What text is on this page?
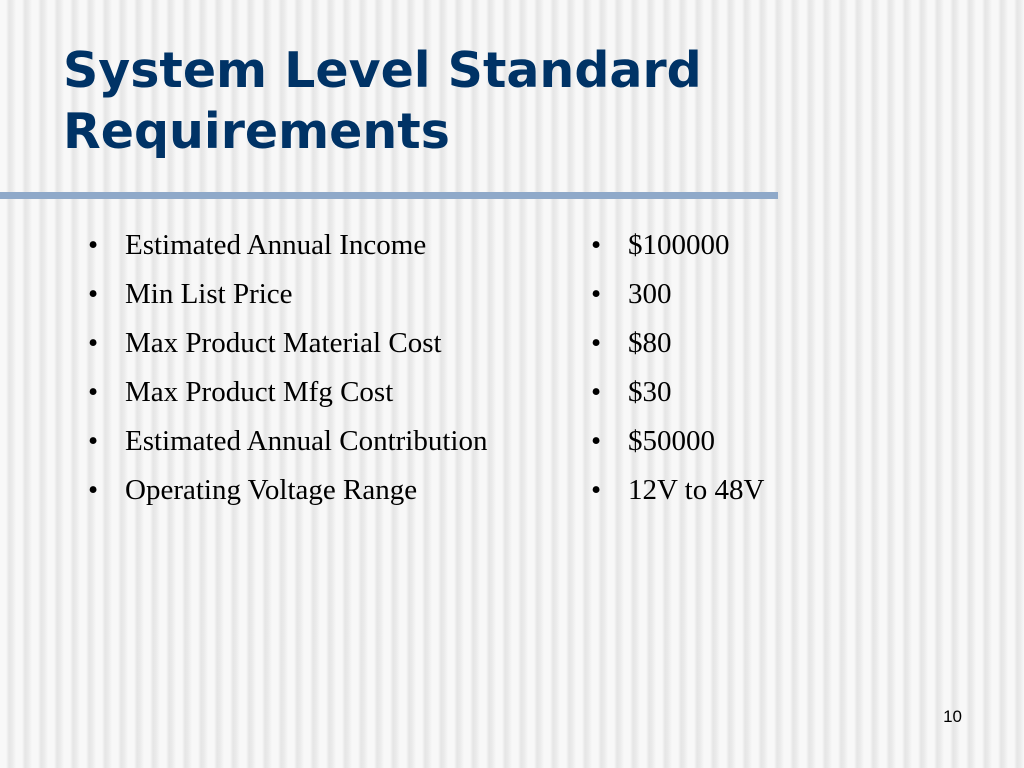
System Level Standard Requirements
• Estimated Annual Income
• Min List Price
• Max Product Material Cost
• Max Product Mfg Cost
• Estimated Annual Contribution
• Operating Voltage Range
• $100000
• 300
• $80
• $30
• $50000
• 12V to 48V
10
